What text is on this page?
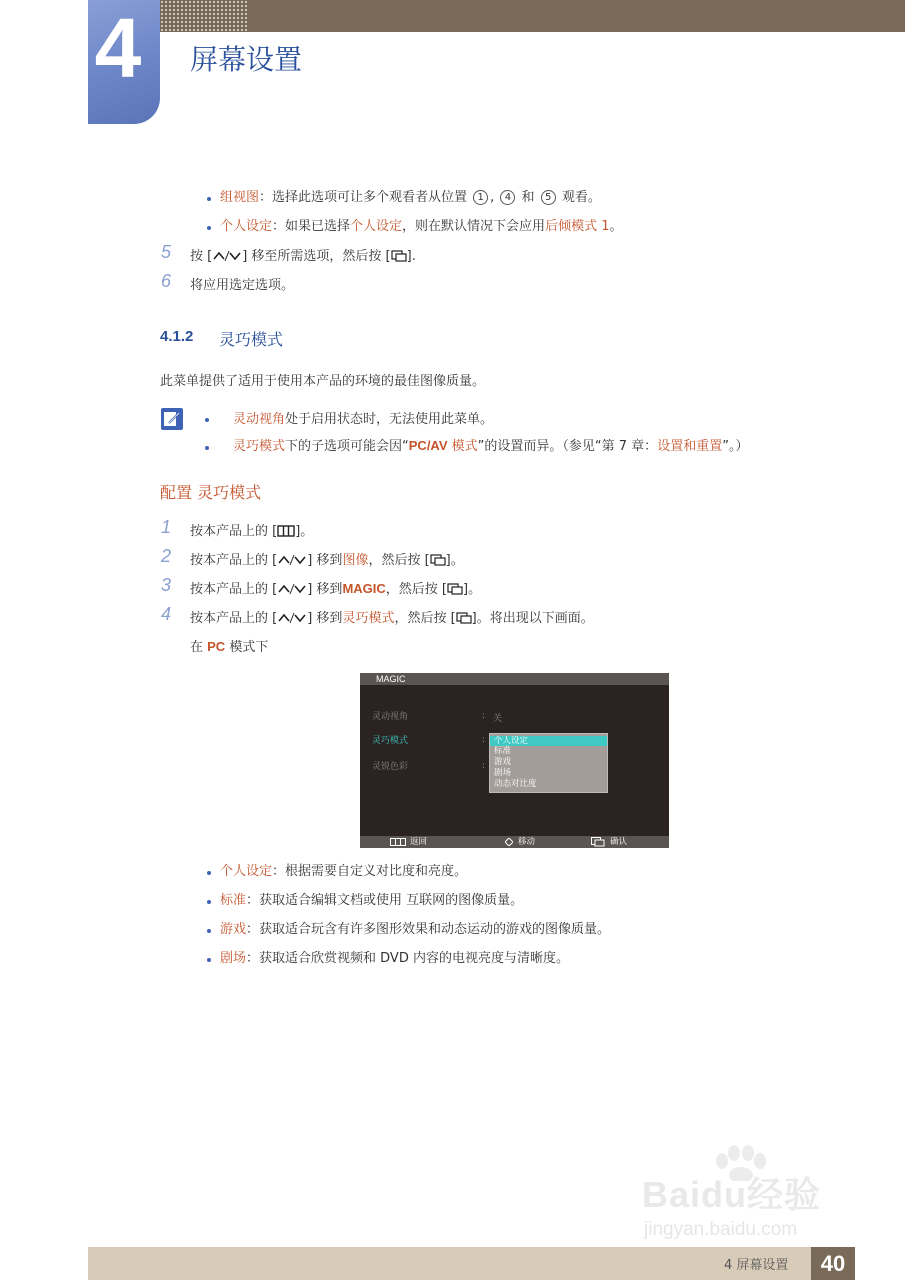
4 屏幕设置
组视图：选择此选项可让多个观看者从位置 1 , 4 和 5 观看。
个人设定：如果已选择个人设定，则在默认情况下会应用后倾模式 1。
5 按 [ ] 移至所需选项，然后按 [ ].
6 将应用选定选项。
4.1.2 灵巧模式
此菜单提供了适用于使用本产品的环境的最佳图像质量。
灵动视角处于启用状态时，无法使用此菜单。
灵巧模式下的子选项可能会因“PC/AV 模式”的设置而异。（参见“第 7 章：设置和重置”。）
配置 灵巧模式
1 按本产品上的 [ ]。
2 按本产品上的 [ ] 移到图像，然后按 [ ]。
3 按本产品上的 [ ] 移到MAGIC，然后按 [ ]。
4 按本产品上的 [ ] 移到灵巧模式，然后按 [ ]。将出现以下画面。
在 PC 模式下
MAGIC
灵动视角	: 关
灵巧模式	:
灵锐色彩	:
返回	移动	确认
个人设定
标准
游戏
剧场
动态对比度
个人设定：根据需要自定义对比度和亮度。
标准：获取适合编辑文档或使用 互联网的图像质量。
游戏：获取适合玩含有许多图形效果和动态运动的游戏的图像质量。
剧场：获取适合欣赏视频和 DVD 内容的电视亮度与清晰度。
Baidu经验
jingyan.baidu.com
4 屏幕设置	40
